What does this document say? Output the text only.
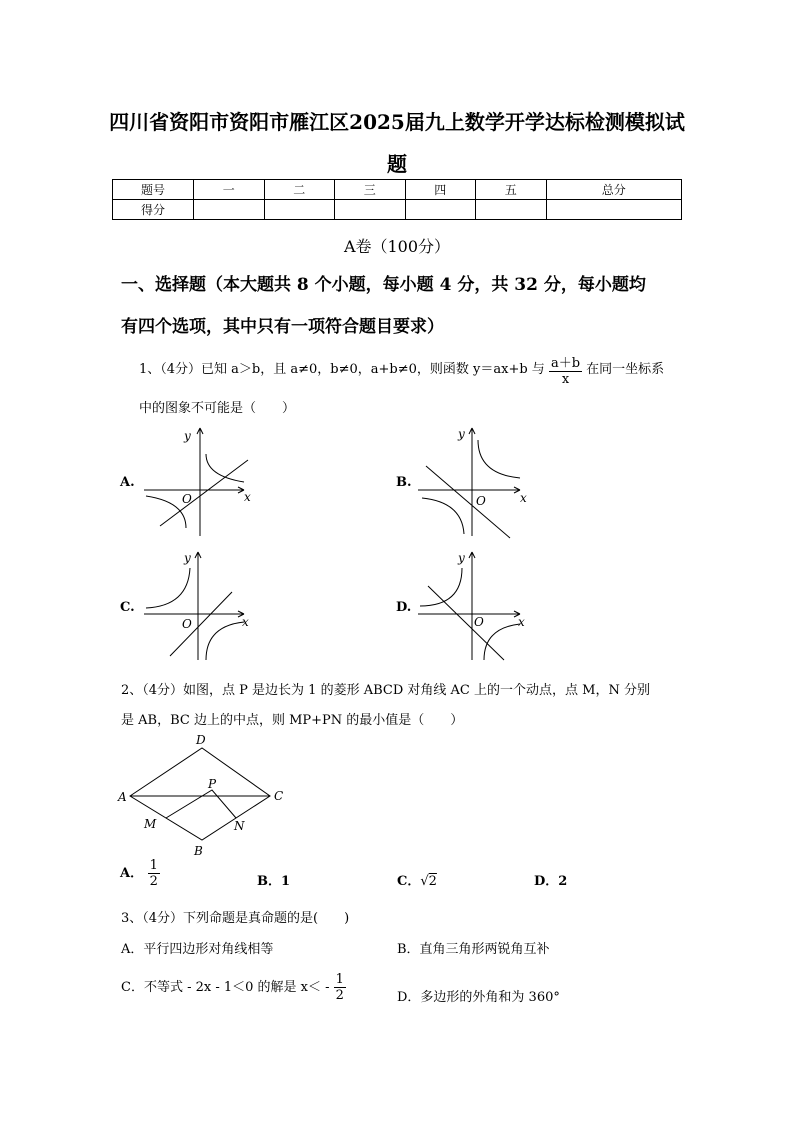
四川省资阳市资阳市雁江区2025届九上数学开学达标检测模拟试
题
题号	一	二	三	四	五	总分
得分						
A卷（100分）
一、选择题（本大题共 8 个小题，每小题 4 分，共 32 分，每小题均
有四个选项，其中只有一项符合题目要求）
1、（4分）已知 a＞b，且 a≠0，b≠0，a+b≠0，则函数 y＝ax+b 与 $\frac{a+b}{x}$ 在同一坐标系
中的图象不可能是（　　）
A.	B.
C.	D.
y
x
O
y
x
O
y
x
O
y
x
O
2、（4分）如图，点 P 是边长为 1 的菱形 ABCD 对角线 AC 上的一个动点，点 M，N 分别
是 AB，BC 边上的中点，则 MP+PN 的最小值是（　　）
A
D
C
B
P
M	N
A． $\frac{1}{2}$	B．1	C．√2	D．2
3、（4分）下列命题是真命题的是(　　)
A．平行四边形对角线相等	B．直角三角形两锐角互补
C．不等式 - 2x - 1＜0 的解是 $x< - \frac{1}{2}$	D．多边形的外角和为 360°
